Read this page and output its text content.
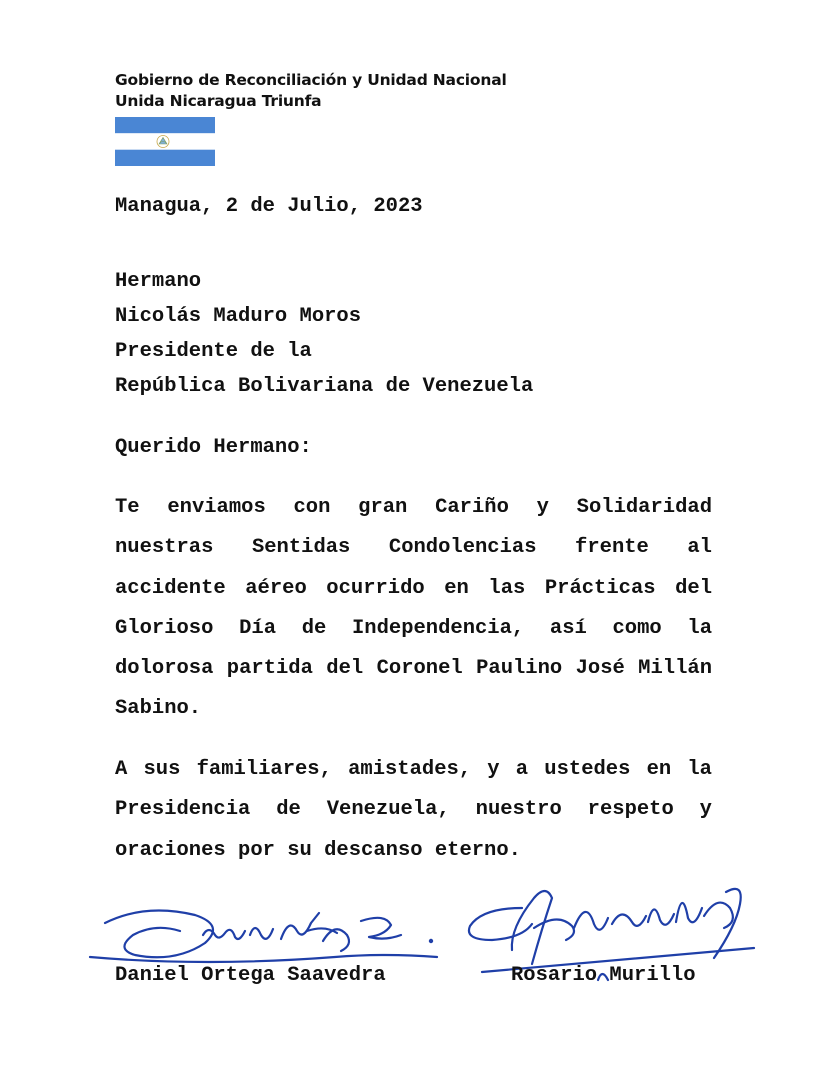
Gobierno de Reconciliación y Unidad Nacional
Unida Nicaragua Triunfa
Managua, 2 de Julio, 2023
Hermano
Nicolás Maduro Moros
Presidente de la
República Bolivariana de Venezuela
Querido Hermano:
Te enviamos con gran Cariño y Solidaridad nuestras Sentidas Condolencias frente al accidente aéreo ocurrido en las Prácticas del Glorioso Día de Independencia, así como la dolorosa partida del Coronel Paulino José Millán Sabino.
A sus familiares, amistades, y a ustedes en la Presidencia de Venezuela, nuestro respeto y oraciones por su descanso eterno.
Daniel Ortega Saavedra	Rosario Murillo
